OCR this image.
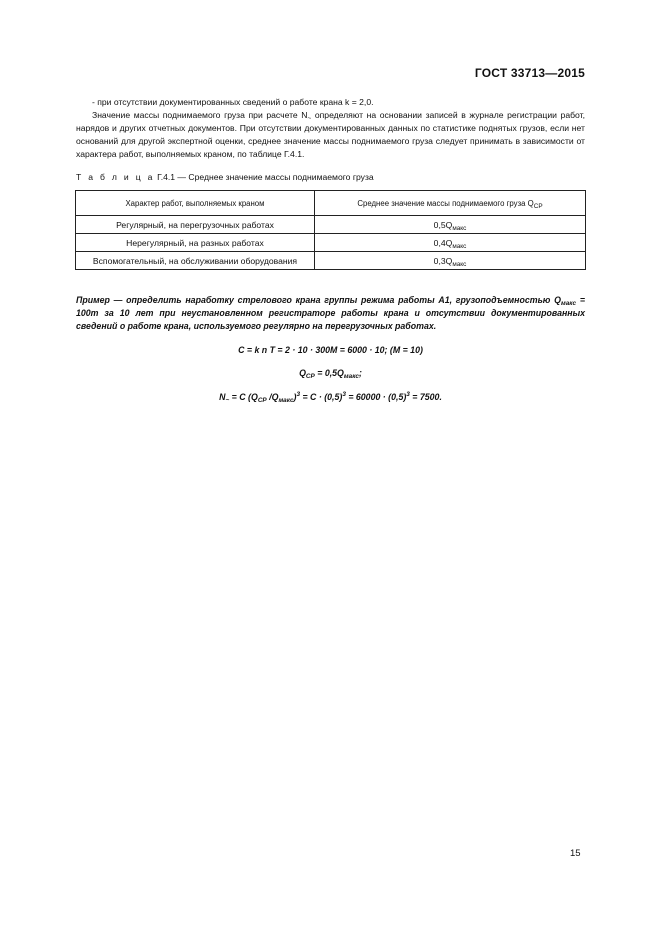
ГОСТ 33713—2015
- при отсутствии документированных сведений о работе крана k = 2,0.
Значение массы поднимаемого груза при расчете $N_\sim$ определяют на основании записей в журнале регистрации работ, нарядов и других отчетных документов. При отсутствии документированных данных по статистике поднятых грузов, если нет оснований для другой экспертной оценки, среднее значение массы поднимаемого груза следует принимать в зависимости от характера работ, выполняемых краном, по таблице Г.4.1.
Т а б л и ц а Г.4.1 — Среднее значение массы поднимаемого груза
Характер работ, выполняемых краном	Среднее значение массы поднимаемого груза $Q_{СР}$
Регулярный, на перегрузочных работах	$0,5Q_{макс}$
Нерегулярный, на разных работах	$0,4Q_{макс}$
Вспомогательный, на обслуживании оборудования	$0,3Q_{макс}$
Пример — определить наработку стрелового крана группы режима работы А1, грузоподъемностью $Q_{макс} = 100т$ за 10 лет при неустановленном регистраторе работы крана и отсутствии документированных сведений о работе крана, используемого регулярно на перегрузочных работах.
C = k n T = 2 · 10 · 300M = 6000 · 10; (M = 10)
$Q_{CP} = 0,5Q_{макс}$;
$N_\sim = C$ ($Q_{CP}$ $/Q_{макс})^3 = C \cdot (0,5)^3 = 60000 \cdot (0,5)^3 = 7500$.
15
